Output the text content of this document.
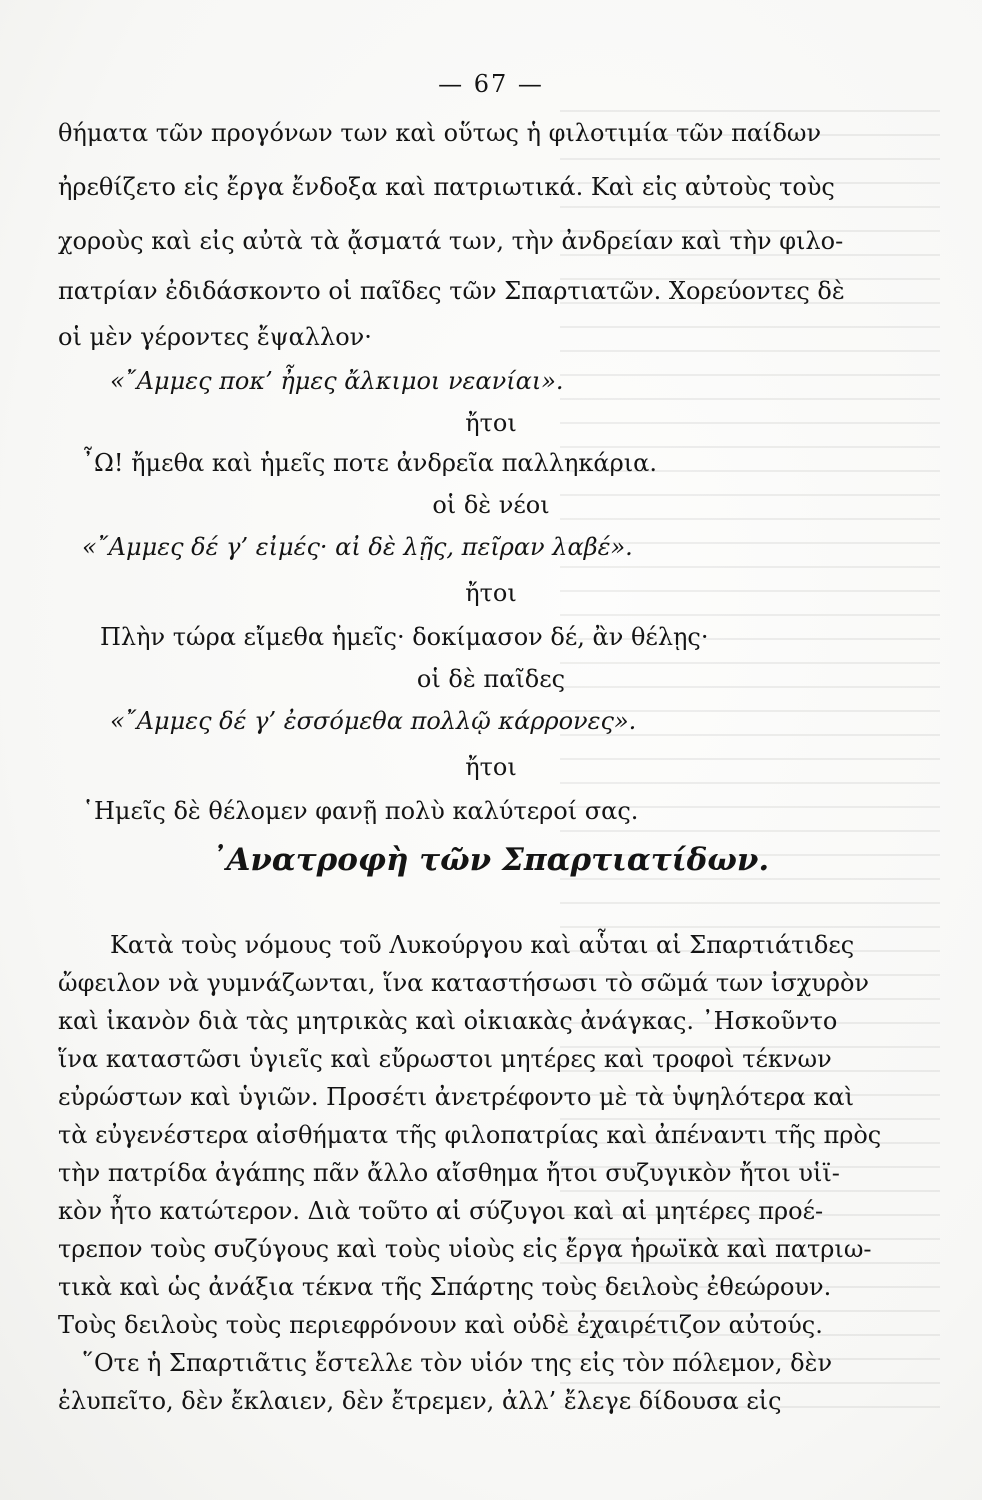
— 67 —
θήματα τῶν προγόνων των καὶ οὕτως ἡ φιλοτιμία τῶν παίδων
ἠρεθίζετο εἰς ἔργα ἔνδοξα καὶ πατριωτικά. Καὶ εἰς αὐτοὺς τοὺς
χοροὺς καὶ εἰς αὐτὰ τὰ ᾄσματά των, τὴν ἀνδρείαν καὶ τὴν φιλο-
πατρίαν ἐδιδάσκοντο οἱ παῖδες τῶν Σπαρτιατῶν. Χορεύοντες δὲ
οἱ μὲν γέροντες ἔψαλλον·
«῎Αμμες ποκ’ ἦμες ἄλκιμοι νεανίαι».
ἤτοι
῏Ω! ἤμεθα καὶ ἡμεῖς ποτε ἀνδρεῖα παλληκάρια.
οἱ δὲ νέοι
«῎Αμμες δέ γ’ εἰμές· αἰ δὲ λῇς, πεῖραν λαβέ».
ἤτοι
Πλὴν τώρα εἴμεθα ἡμεῖς· δοκίμασον δέ, ἂν θέλῃς·
οἱ δὲ παῖδες
«῎Αμμες δέ γ’ ἐσσόμεθα πολλῷ κάρρονες».
ἤτοι
῾Ημεῖς δὲ θέλομεν φανῇ πολὺ καλύτεροί σας.
᾿Ανατροφὴ τῶν Σπαρτιατίδων.
Κατὰ τοὺς νόμους τοῦ Λυκούργου καὶ αὗται αἱ Σπαρτιάτιδες
ὤφειλον νὰ γυμνάζωνται, ἵνα καταστήσωσι τὸ σῶμά των ἰσχυρὸν
καὶ ἱκανὸν διὰ τὰς μητρικὰς καὶ οἰκιακὰς ἀνάγκας. ᾿Ησκοῦντο
ἵνα καταστῶσι ὑγιεῖς καὶ εὔρωστοι μητέρες καὶ τροφοὶ τέκνων
εὐρώστων καὶ ὑγιῶν. Προσέτι ἀνετρέφοντο μὲ τὰ ὑψηλότερα καὶ
τὰ εὐγενέστερα αἰσθήματα τῆς φιλοπατρίας καὶ ἀπέναντι τῆς πρὸς
τὴν πατρίδα ἀγάπης πᾶν ἄλλο αἴσθημα ἤτοι συζυγικὸν ἤτοι υἱϊ-
κὸν ἦτο κατώτερον. Διὰ τοῦτο αἱ σύζυγοι καὶ αἱ μητέρες προέ-
τρεπον τοὺς συζύγους καὶ τοὺς υἱοὺς εἰς ἔργα ἡρωϊκὰ καὶ πατριω-
τικὰ καὶ ὡς ἀνάξια τέκνα τῆς Σπάρτης τοὺς δειλοὺς ἐθεώρουν.
Τοὺς δειλοὺς τοὺς περιεφρόνουν καὶ οὐδὲ ἐχαιρέτιζον αὐτούς.
῞Οτε ἡ Σπαρτιᾶτις ἔστελλε τὸν υἱόν της εἰς τὸν πόλεμον, δὲν
ἐλυπεῖτο, δὲν ἔκλαιεν, δὲν ἔτρεμεν, ἀλλ’ ἔλεγε δίδουσα εἰς
